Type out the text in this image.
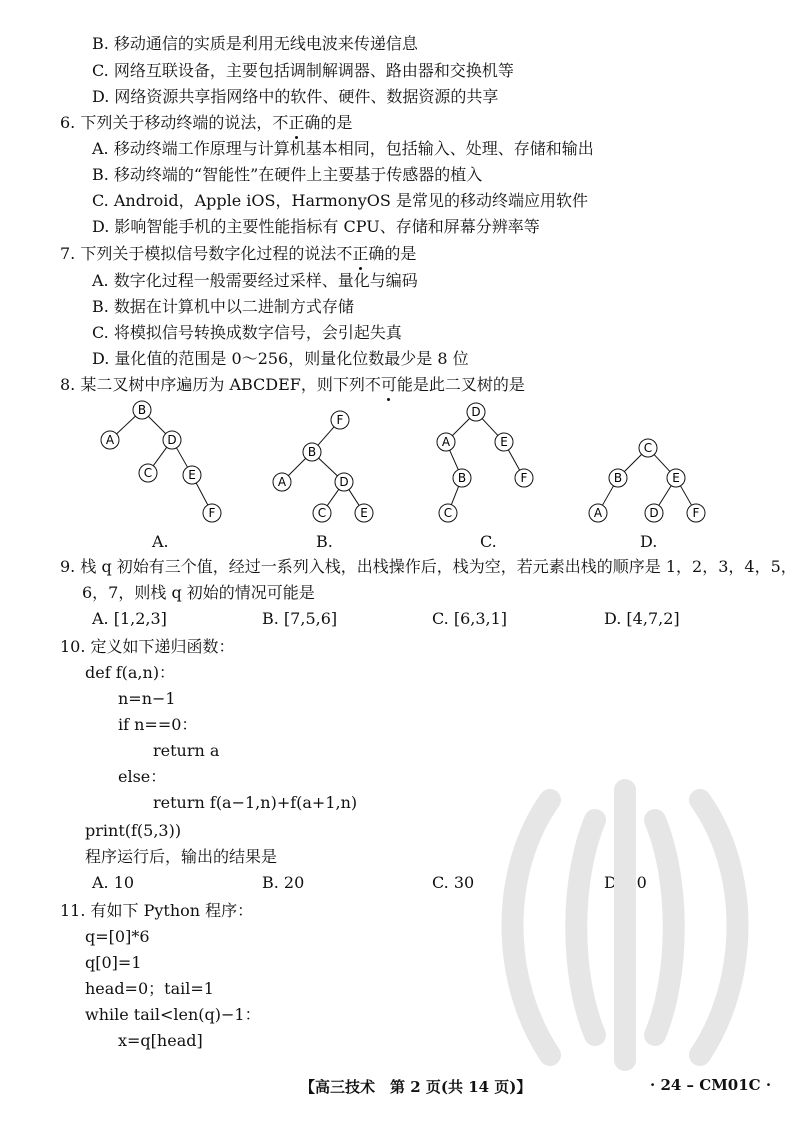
B. 移动通信的实质是利用无线电波来传递信息
C. 网络互联设备，主要包括调制解调器、路由器和交换机等
D. 网络资源共享指网络中的软件、硬件、数据资源的共享
6. 下列关于移动终端的说法，不正确的是
A. 移动终端工作原理与计算机基本相同，包括输入、处理、存储和输出
B. 移动终端的“智能性”在硬件上主要基于传感器的植入
C. Android，Apple iOS，HarmonyOS 是常见的移动终端应用软件
D. 影响智能手机的主要性能指标有 CPU、存储和屏幕分辨率等
7. 下列关于模拟信号数字化过程的说法不正确的是
A. 数字化过程一般需要经过采样、量化与编码
B. 数据在计算机中以二进制方式存储
C. 将模拟信号转换成数字信号，会引起失真
D. 量化值的范围是 0～256，则量化位数最少是 8 位
8. 某二叉树中序遍历为 ABCDEF，则下列不可能是此二叉树的是
B
A	D
C	E
F
F
B
A	D
C	E
D
A	E
B	F
C
C
B	E
A	D	F
A.	B.	C.	D.
9. 栈 q 初始有三个值，经过一系列入栈，出栈操作后，栈为空，若元素出栈的顺序是 1，2，3，4，5，
6，7，则栈 q 初始的情况可能是
A. [1,2,3]	B. [7,5,6]	C. [6,3,1]	D. [4,7,2]
10. 定义如下递归函数：
def f(a,n)：
n=n−1
if n==0：
return a
else：
return f(a−1,n)+f(a+1,n)
print(f(5,3))
程序运行后，输出的结果是
A. 10	B. 20	C. 30	D. 40
11. 有如下 Python 程序：
q=[0]*6
q[0]=1
head=0；tail=1
while tail<len(q)−1：
x=q[head]
【高三技术　第 2 页(共 14 页)】	· 24 – CM01C ·
